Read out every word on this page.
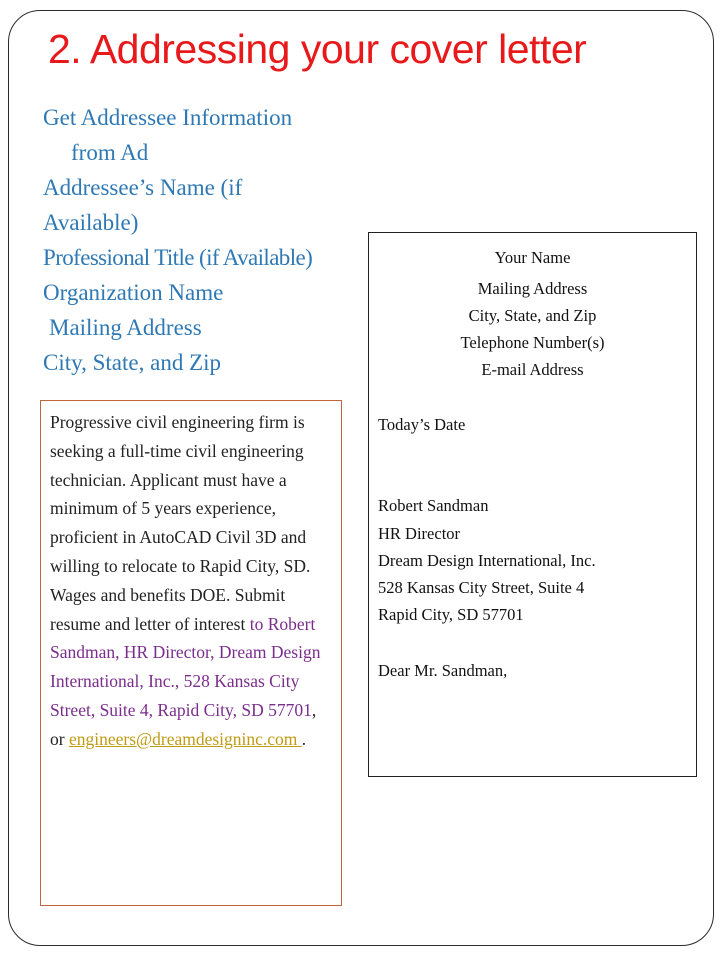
2. Addressing your cover letter
Get Addressee Information
from Ad
Addressee’s Name (if
Available)
Professional Title (if Available)
Organization Name
Mailing Address
City, State, and Zip
Progressive civil engineering firm is seeking a full-time civil engineering technician. Applicant must have a minimum of 5 years experience, proficient in AutoCAD Civil 3D and willing to relocate to Rapid City, SD. Wages and benefits DOE. Submit resume and letter of interest to Robert Sandman, HR Director, Dream Design International, Inc., 528 Kansas City Street, Suite 4, Rapid City, SD 57701, or engineers@dreamdesigninc.com .
Your Name
Mailing Address
City, State, and Zip
Telephone Number(s)
E-mail Address
Today’s Date
Robert Sandman
HR Director
Dream Design International, Inc.
528 Kansas City Street, Suite 4
Rapid City, SD 57701
Dear Mr. Sandman,
